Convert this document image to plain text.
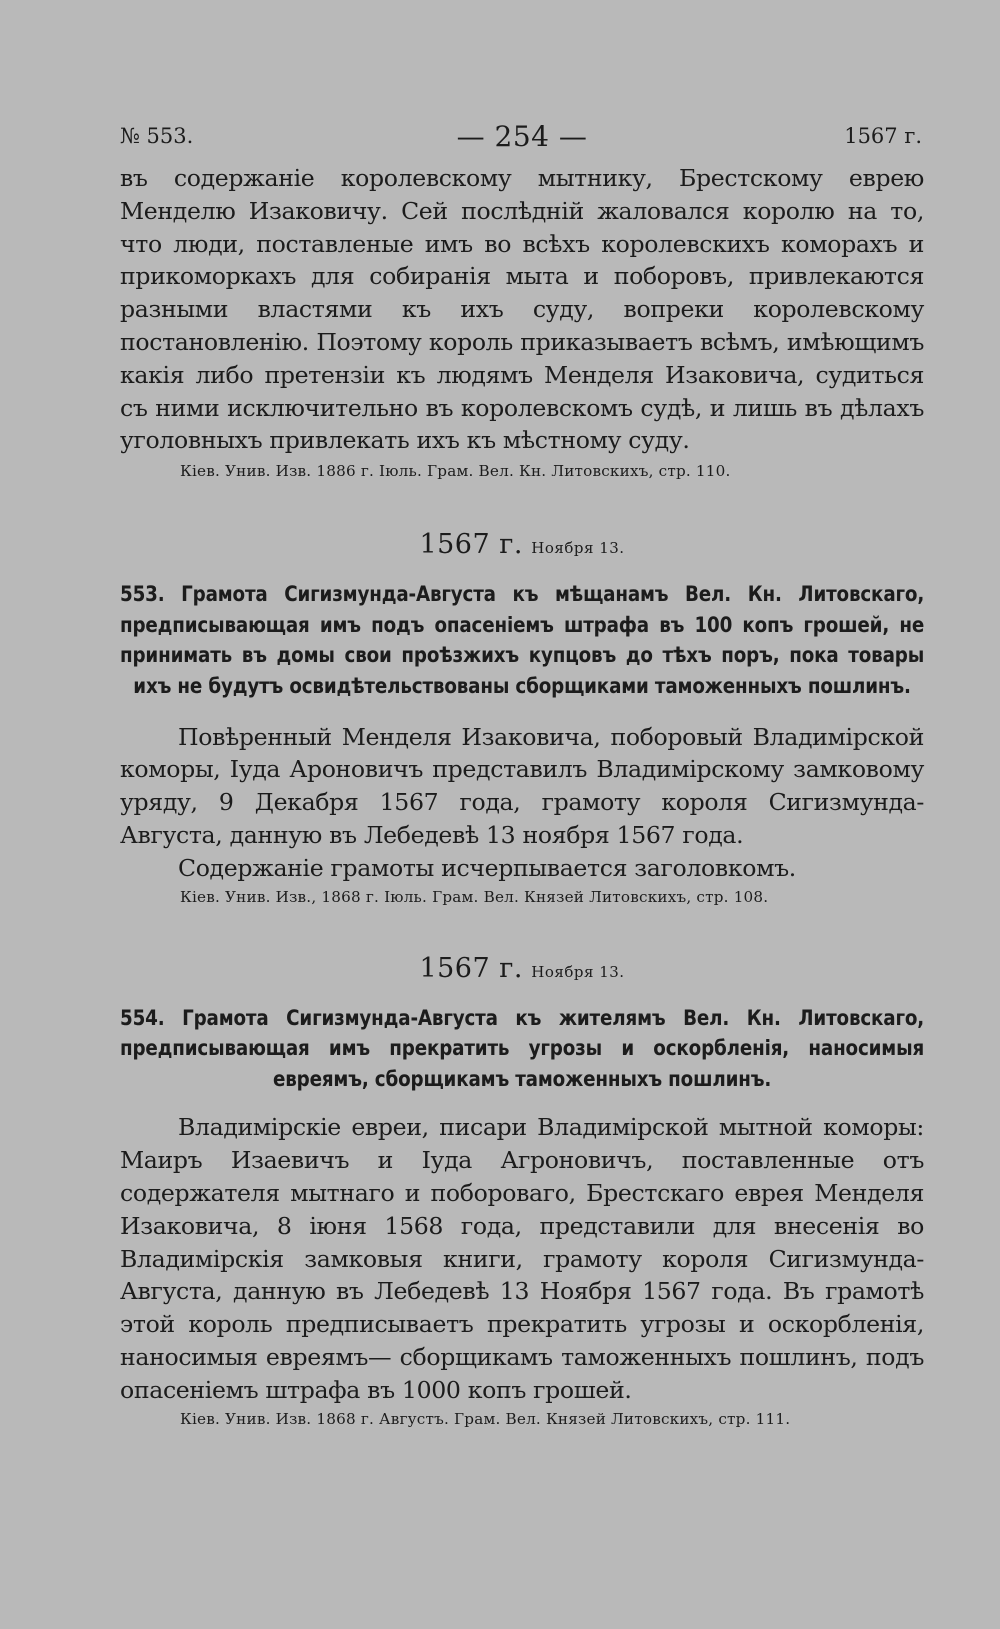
№ 553.	— 254 —	1567 г.

въ содержаніе королевскому мытнику, Брестскому еврею Менделю Изаковичу. Сей послѣдній жаловался королю на то, что люди, поставленые имъ во всѣхъ королевскихъ коморахъ и прикоморкахъ для собиранія мыта и поборовъ, привлекаются разными властями къ ихъ суду, вопреки королевскому постановленію. Поэтому король приказываетъ всѣмъ, имѣющимъ какія либо претензіи къ людямъ Менделя Изаковича, судиться съ ними исключительно въ королевскомъ судѣ, и лишь въ дѣлахъ уголовныхъ привлекать ихъ къ мѣстному суду.

Кіев. Унив. Изв. 1886 г. Іюль. Грам. Вел. Кн. Литовскихъ, стр. 110.

1567 г. Ноября 13.

553. Грамота Сигизмунда-Августа къ мѣщанамъ Вел. Кн. Литовскаго, предписывающая имъ подъ опасеніемъ штрафа въ 100 копъ грошей, не принимать въ домы свои проѣзжихъ купцовъ до тѣхъ поръ, пока товары ихъ не будутъ освидѣтельствованы сборщиками таможенныхъ пошлинъ.

Повѣренный Менделя Изаковича, поборовый Владимірской коморы, Іуда Ароновичъ представилъ Владимірскому замковому уряду, 9 Декабря 1567 года, грамоту короля Сигизмунда-Августа, данную въ Лебедевѣ 13 ноября 1567 года.

Содержаніе грамоты исчерпывается заголовкомъ.

Кіев. Унив. Изв., 1868 г. Іюль. Грам. Вел. Князей Литовскихъ, стр. 108.

1567 г. Ноября 13.

554. Грамота Сигизмунда-Августа къ жителямъ Вел. Кн. Литовскаго, предписывающая имъ прекратить угрозы и оскорбленія, наносимыя евреямъ, сборщикамъ таможенныхъ пошлинъ.

Владимірскіе евреи, писари Владимірской мытной коморы: Маиръ Изаевичъ и Іуда Агроновичъ, поставленные отъ содержателя мытнаго и побороваго, Брестскаго еврея Менделя Изаковича, 8 іюня 1568 года, представили для внесенія во Владимірскія замковыя книги, грамоту короля Сигизмунда-Августа, данную въ Лебедевѣ 13 Ноября 1567 года. Въ грамотѣ этой король предписываетъ прекратить угрозы и оскорбленія, наносимыя евреямъ— сборщикамъ таможенныхъ пошлинъ, подъ опасеніемъ штрафа въ 1000 копъ грошей.

Кіев. Унив. Изв. 1868 г. Августъ. Грам. Вел. Князей Литовскихъ, стр. 111.
